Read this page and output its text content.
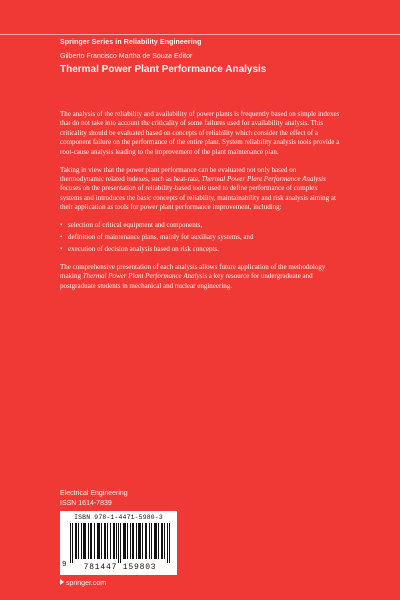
Springer Series in Reliability Engineering
Gilberto Francisco Martha de Souza Editor
Thermal Power Plant Performance Analysis

The analysis of the reliability and availability of power plants is frequently based on simple indexes that do not take into account the criticality of some failures used for availability analysis. This criticality should be evaluated based on concepts of reliability which consider the effect of a component failure on the performance of the entire plant. System reliability analysis tools provide a root-cause analysis leading to the improvement of the plant maintenance plan.

Taking in view that the power plant performance can be evaluated not only based on thermodynamic related indexes, such as heat-rate, Thermal Power Plant Performance Analysis focuses on the presentation of reliability-based tools used to define performance of complex systems and introduces the basic concepts of reliability, maintainability and risk analysis aiming at their application as tools for power plant performance improvement, including:

• selection of critical equipment and components,
• definition of maintenance plans, mainly for auxiliary systems, and
• execution of decision analysis based on risk concepts.

The comprehensive presentation of each analysis allows future application of the methodology making Thermal Power Plant Performance Analysis a key resource for undergraduate and postgraduate students in mechanical and nuclear engineering.

Electrical Engineering
ISSN 1614-7839
ISBN 978-1-4471-5980-3
9	781447 159803
springer.com
